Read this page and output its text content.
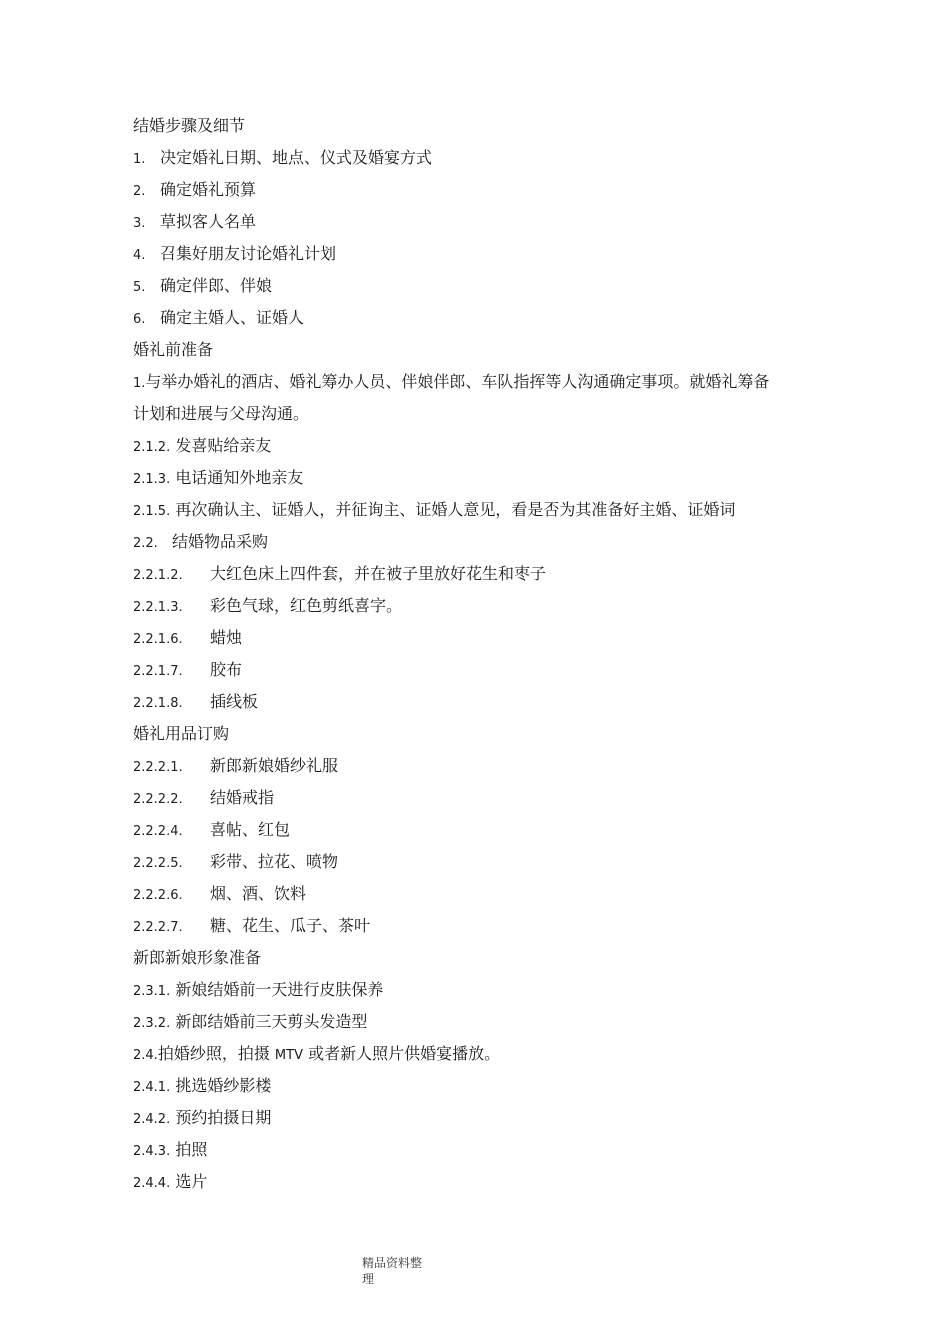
结婚步骤及细节
1. 决定婚礼日期、地点、仪式及婚宴方式
2. 确定婚礼预算
3. 草拟客人名单
4. 召集好朋友讨论婚礼计划
5. 确定伴郎、伴娘
6. 确定主婚人、证婚人
婚礼前准备
1.与举办婚礼的酒店、婚礼筹办人员、伴娘伴郎、车队指挥等人沟通确定事项。就婚礼筹备
计划和进展与父母沟通。
2.1.2. 发喜贴给亲友
2.1.3. 电话通知外地亲友
2.1.5. 再次确认主、证婚人，并征询主、证婚人意见，看是否为其准备好主婚、证婚词
2.2. 结婚物品采购
2.2.1.2. 大红色床上四件套，并在被子里放好花生和枣子
2.2.1.3. 彩色气球，红色剪纸喜字。
2.2.1.6. 蜡烛
2.2.1.7. 胶布
2.2.1.8. 插线板
婚礼用品订购
2.2.2.1. 新郎新娘婚纱礼服
2.2.2.2. 结婚戒指
2.2.2.4. 喜帖、红包
2.2.2.5. 彩带、拉花、喷物
2.2.2.6. 烟、酒、饮料
2.2.2.7. 糖、花生、瓜子、茶叶
新郎新娘形象准备
2.3.1. 新娘结婚前一天进行皮肤保养
2.3.2. 新郎结婚前三天剪头发造型
2.4.拍婚纱照，拍摄 MTV 或者新人照片供婚宴播放。
2.4.1. 挑选婚纱影楼
2.4.2. 预约拍摄日期
2.4.3. 拍照
2.4.4. 选片
精品资料整
理
